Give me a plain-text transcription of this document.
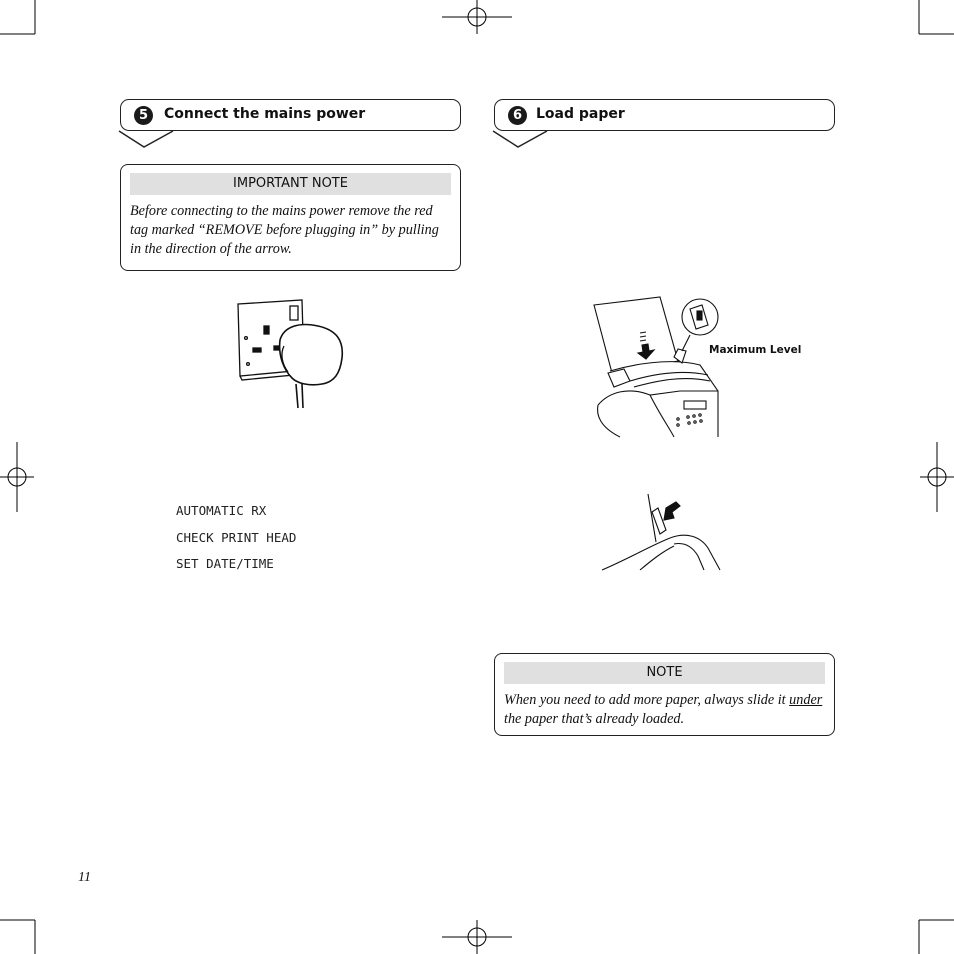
5	Connect the mains power	6 Load paper
IMPORTANT NOTE
Before connecting to the mains power remove the red tag marked “REMOVE before plugging in” by pulling in the direction of the arrow.
AUTOMATIC RX
CHECK PRINT HEAD
SET DATE/TIME
Maximum Level
NOTE
When you need to add more paper, always slide it under the paper that’s already loaded.
11
